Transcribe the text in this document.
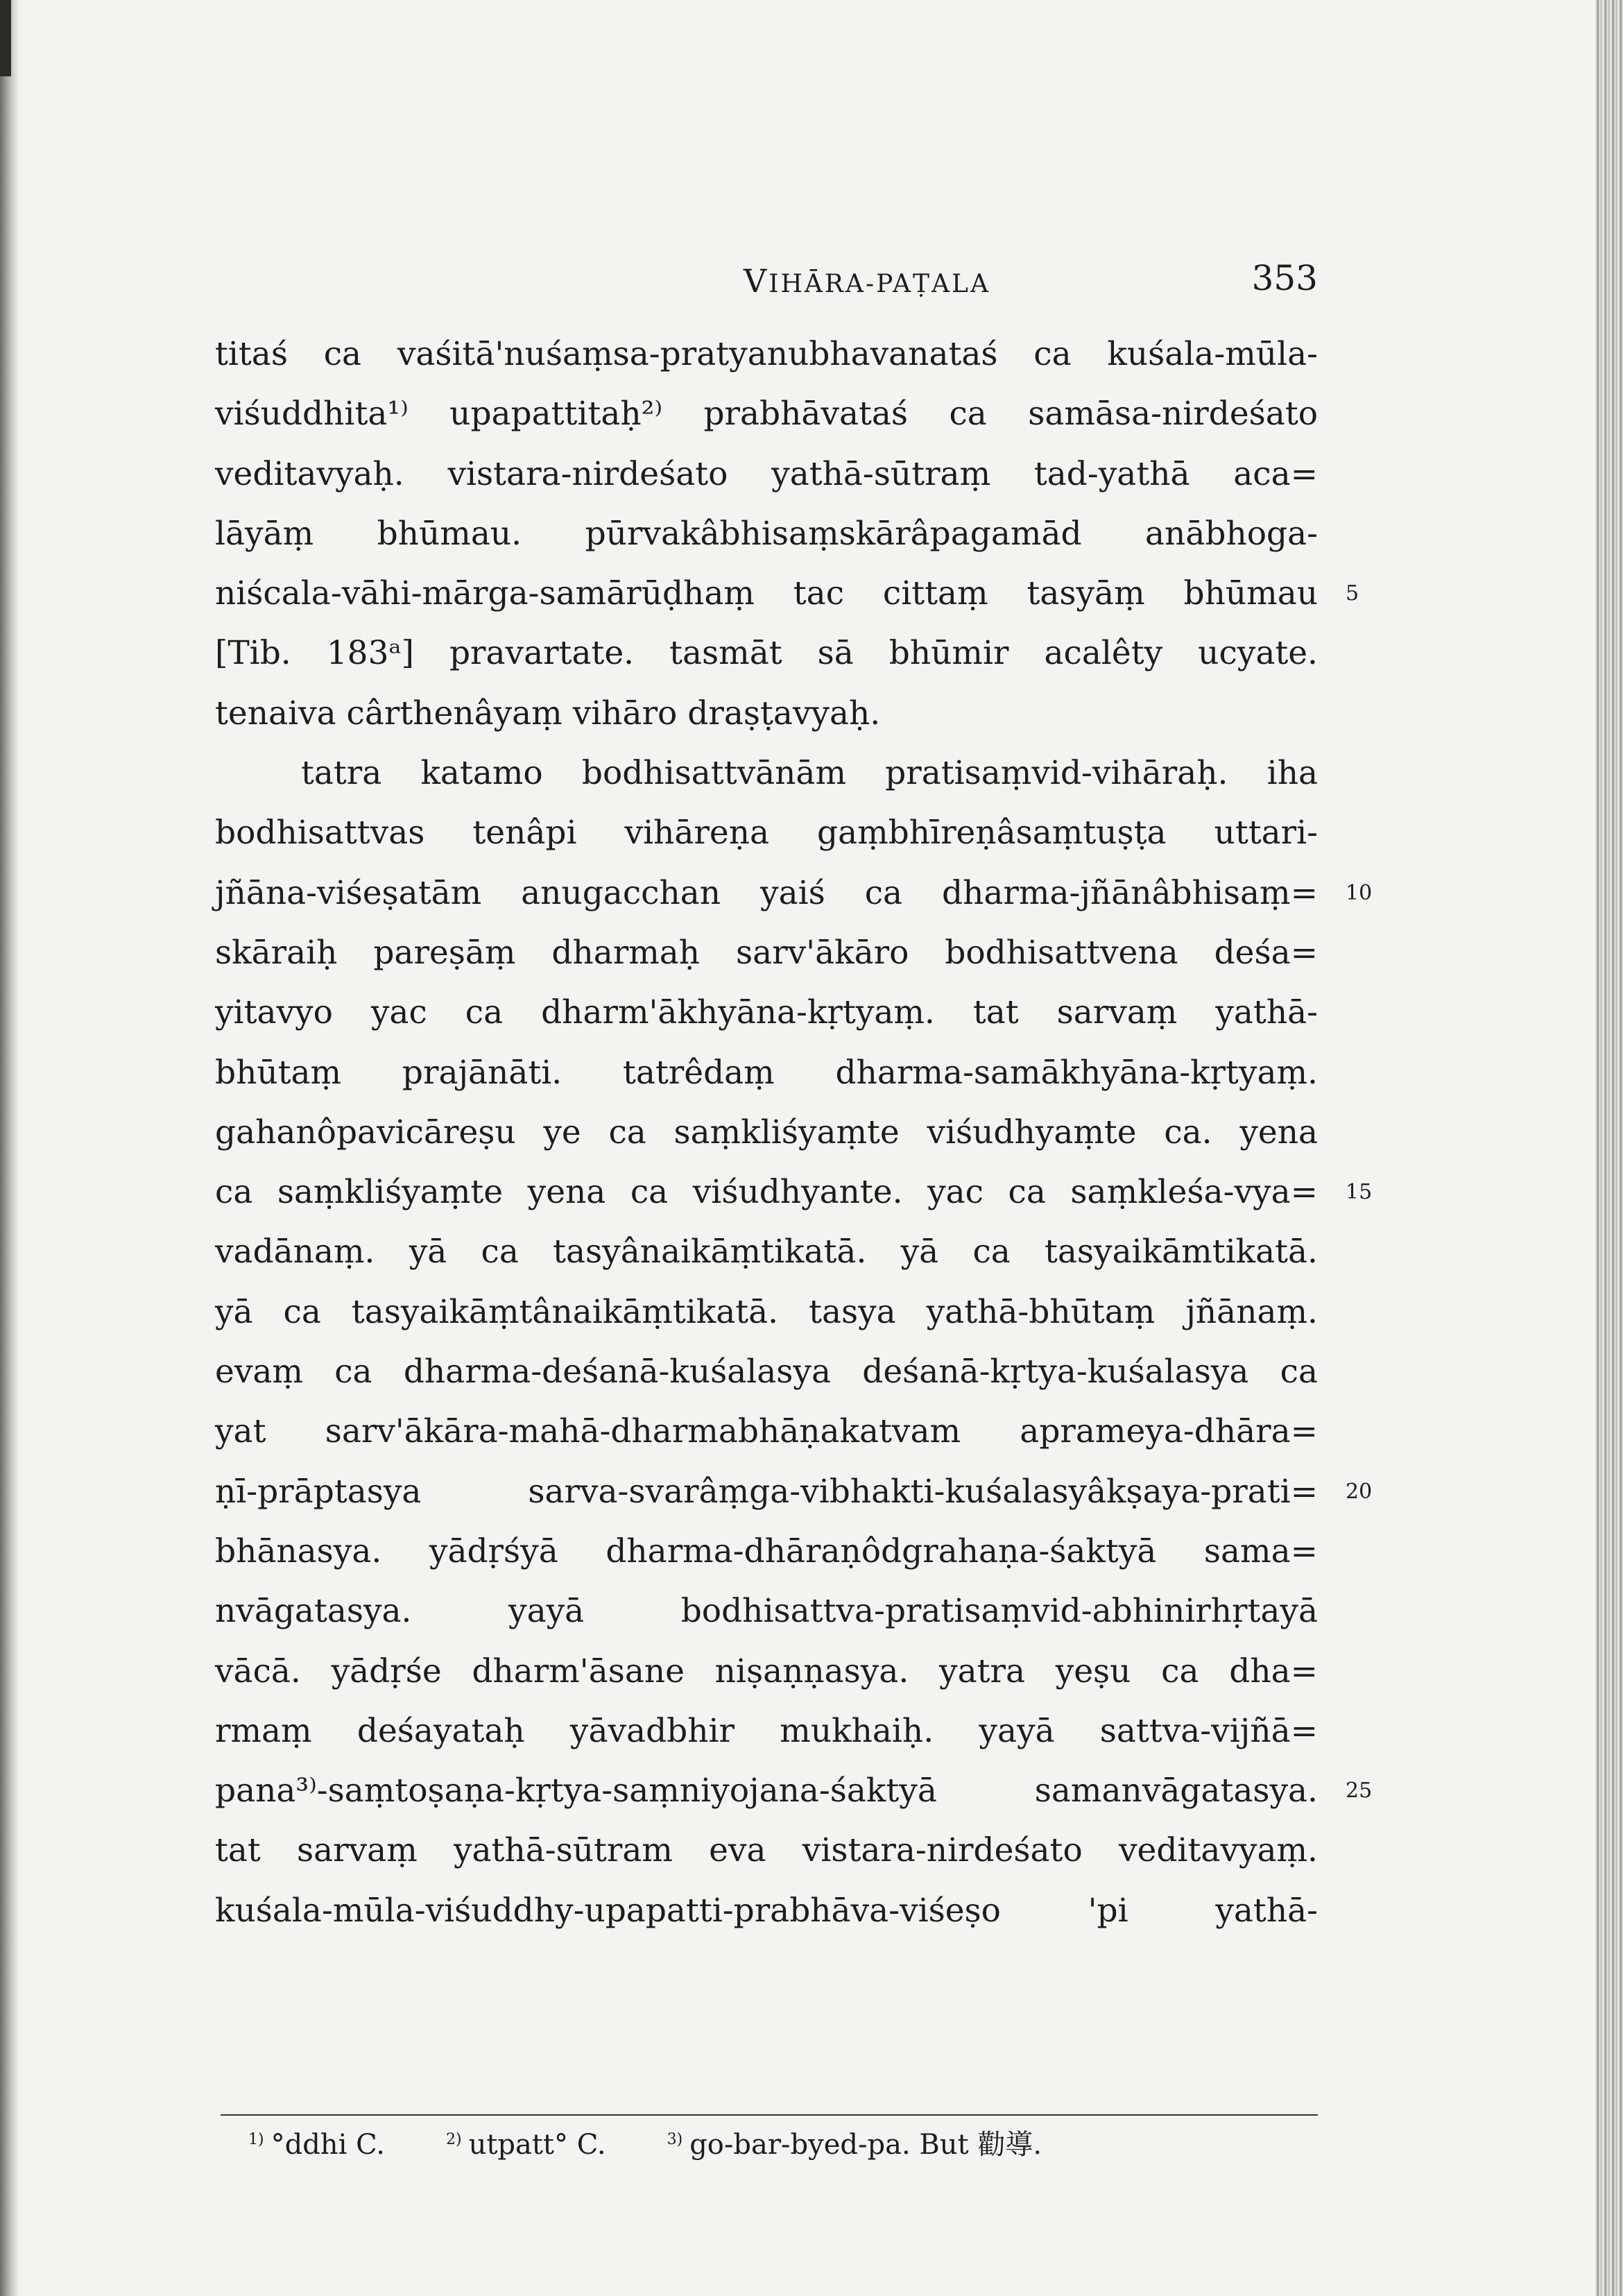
VIHĀRA-PAṬALA	353
titaś ca vaśitā'nuśaṃsa-pratyanubhavanataś ca kuśala-mūla-
viśuddhita¹⁾ upapattitaḥ²⁾ prabhāvataś ca samāsa-nirdeśato
veditavyaḥ. vistara-nirdeśato yathā-sūtraṃ tad-yathā aca=
lāyāṃ bhūmau. pūrvakâbhisaṃskārâpagamād anābhoga-
niścala-vāhi-mārga-samārūḍhaṃ tac cittaṃ tasyāṃ bhūmau 5
[Tib. 183ᵃ] pravartate. tasmāt sā bhūmir acalêty ucyate.
tenaiva cârthenâyaṃ vihāro draṣṭavyaḥ.
tatra katamo bodhisattvānām pratisaṃvid-vihāraḥ. iha
bodhisattvas tenâpi vihāreṇa gaṃbhīreṇâsaṃtuṣṭa uttari-
jñāna-viśeṣatām anugacchan yaiś ca dharma-jñānâbhisaṃ= 10
skāraiḥ pareṣāṃ dharmaḥ sarv'ākāro bodhisattvena deśa=
yitavyo yac ca dharm'ākhyāna-kṛtyaṃ. tat sarvaṃ yathā-
bhūtaṃ prajānāti. tatrêdaṃ dharma-samākhyāna-kṛtyaṃ.
gahanôpavicāreṣu ye ca saṃkliśyaṃte viśudhyaṃte ca. yena
ca saṃkliśyaṃte yena ca viśudhyante. yac ca saṃkleśa-vya= 15
vadānaṃ. yā ca tasyânaikāṃtikatā. yā ca tasyaikāmtikatā.
yā ca tasyaikāṃtânaikāṃtikatā. tasya yathā-bhūtaṃ jñānaṃ.
evaṃ ca dharma-deśanā-kuśalasya deśanā-kṛtya-kuśalasya ca
yat sarv'ākāra-mahā-dharmabhāṇakatvam aprameya-dhāra=
ṇī-prāptasya sarva-svarâṃga-vibhakti-kuśalasyâkṣaya-prati= 20
bhānasya. yādṛśyā dharma-dhāraṇôdgrahaṇa-śaktyā sama=
nvāgatasya. yayā bodhisattva-pratisaṃvid-abhinirhṛtayā
vācā. yādṛśe dharm'āsane niṣaṇṇasya. yatra yeṣu ca dha=
rmaṃ deśayataḥ yāvadbhir mukhaiḥ. yayā sattva-vijñā=
pana³⁾-saṃtoṣaṇa-kṛtya-saṃniyojana-śaktyā samanvāgatasya. 25
tat sarvaṃ yathā-sūtram eva vistara-nirdeśato veditavyaṃ.
kuśala-mūla-viśuddhy-upapatti-prabhāva-viśeṣo 'pi yathā-
$^{1)}$ °ddhi C.	$^{2)}$ utpatt° C.	$^{3)}$ go-bar-byed-pa. But 勸導.
